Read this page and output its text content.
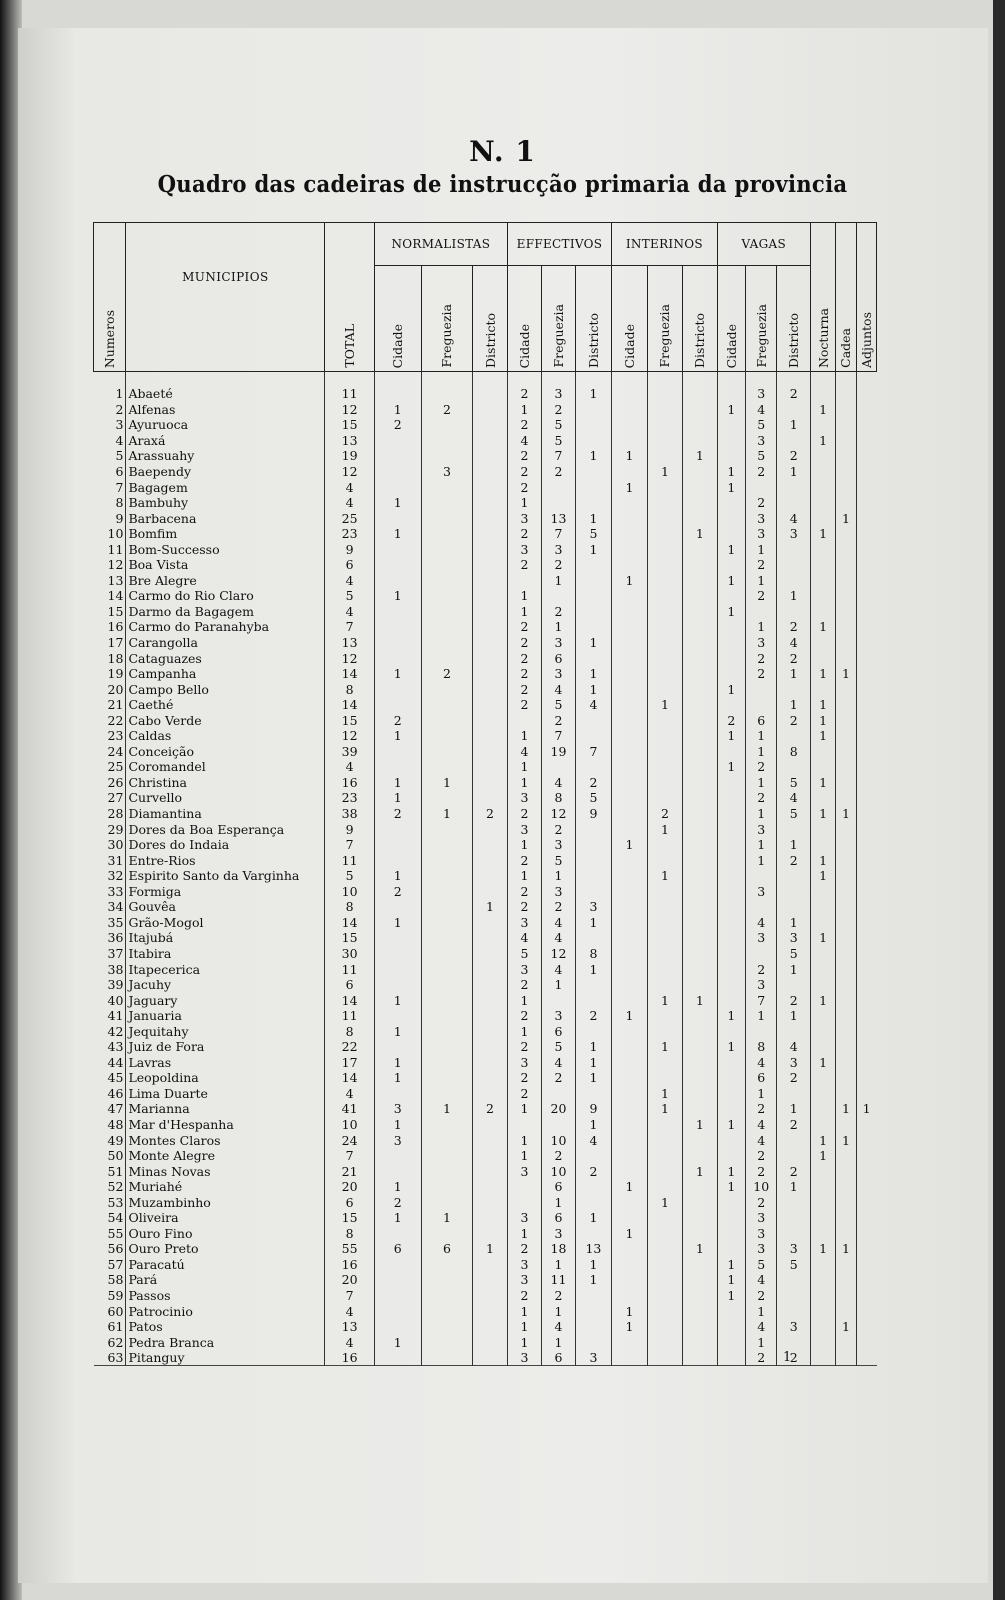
N. 1
Quadro das cadeiras de instrucção primaria da provincia
Numeros	MUNICIPIOS	TOTAL	NORMALISTAS			EFFECTIVOS			INTERINOS			VAGAS			Nocturna	Cadea	Adjuntos
			Cidade	Freguezia	Districto	Cidade	Freguezia	Districto	Cidade	Freguezia	Districto	Cidade	Freguezia	Districto			
1	Abaeté	11				2	3	1					3	2			
2	Alfenas	12	1	2		1	2					1	4		1		
3	Ayuruoca	15	2			2	5						5	1			
4	Araxá	13				4	5						3		1		
5	Arassuahy	19				2	7	1	1		1		5	2			
6	Baependy	12		3		2	2			1		1	2	1			
7	Bagagem	4				2			1			1					
8	Bambuhy	4	1			1							2				
9	Barbacena	25				3	13	1					3	4		1	
10	Bomfim	23	1			2	7	5			1		3	3	1		
11	Bom-Successo	9				3	3	1				1	1				
12	Boa Vista	6				2	2						2				
13	Bre Alegre	4					1		1			1	1				
14	Carmo do Rio Claro	5	1			1							2	1			
15	Darmo da Bagagem	4				1	2					1					
16	Carmo do Paranahyba	7				2	1						1	2	1		
17	Carangolla	13				2	3	1					3	4			
18	Cataguazes	12				2	6						2	2			
19	Campanha	14	1	2		2	3	1					2	1	1	1	
20	Campo Bello	8				2	4	1				1					
21	Caethé	14				2	5	4		1				1	1		
22	Cabo Verde	15	2				2					2	6	2	1		
23	Caldas	12	1			1	7					1	1		1		
24	Conceição	39				4	19	7					1	8			
25	Coromandel	4				1						1	2				
26	Christina	16	1	1		1	4	2					1	5	1		
27	Curvello	23	1			3	8	5					2	4			
28	Diamantina	38	2	1	2	2	12	9		2			1	5	1	1	
29	Dores da Boa Esperança	9				3	2			1			3				
30	Dores do Indaia	7				1	3		1				1	1			
31	Entre-Rios	11				2	5						1	2	1		
32	Espirito Santo da Varginha	5	1			1	1			1					1		
33	Formiga	10	2			2	3						3				
34	Gouvêa	8			1	2	2	3									
35	Grão-Mogol	14	1			3	4	1					4	1			
36	Itajubá	15				4	4						3	3	1		
37	Itabira	30				5	12	8						5			
38	Itapecerica	11				3	4	1					2	1			
39	Jacuhy	6				2	1						3				
40	Jaguary	14	1			1				1	1		7	2	1		
41	Januaria	11				2	3	2	1			1	1	1			
42	Jequitahy	8	1			1	6										
43	Juiz de Fora	22				2	5	1		1		1	8	4			
44	Lavras	17	1			3	4	1					4	3	1		
45	Leopoldina	14	1			2	2	1					6	2			
46	Lima Duarte	4				2				1			1				
47	Marianna	41	3	1	2	1	20	9		1			2	1		1	1
48	Mar d'Hespanha	10	1					1			1	1	4	2			
49	Montes Claros	24	3			1	10	4					4		1	1	
50	Monte Alegre	7				1	2						2		1		
51	Minas Novas	21				3	10	2			1	1	2	2			
52	Muriahé	20	1				6		1			1	10	1			
53	Muzambinho	6	2				1			1			2				
54	Oliveira	15	1	1		3	6	1					3				
55	Ouro Fino	8				1	3		1				3				
56	Ouro Preto	55	6	6	1	2	18	13			1		3	3	1	1	
57	Paracatú	16				3	1	1				1	5	5			
58	Pará	20				3	11	1				1	4				
59	Passos	7				2	2					1	2				
60	Patrocinio	4				1	1		1				1				
61	Patos	13				1	4		1				4	3		1	
62	Pedra Branca	4	1			1	1						1				
63	Pitanguy	16				3	6	3					2	2			
1
